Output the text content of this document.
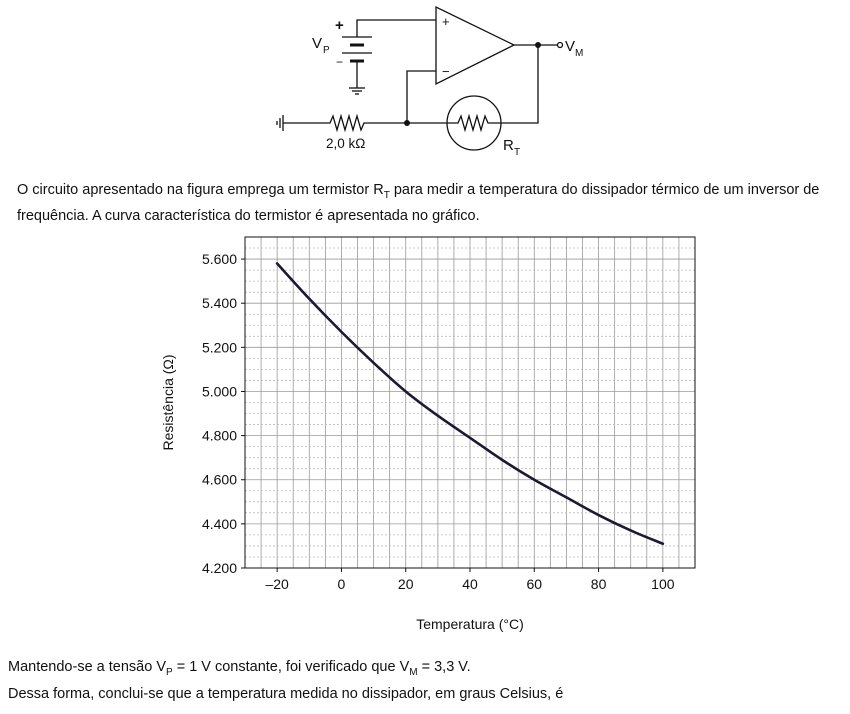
+
−
V P
+
−
V M
2,0 kΩ	R T
O circuito apresentado na figura emprega um termistor $R_T$ para medir a temperatura do dissipador térmico de um inversor de frequência. A curva característica do termistor é apresentada no gráfico.
–20	0	20	40	60	80	100
4.200
4.400
4.600
4.800
5.000
5.200
5.400
5.600
Resistência (Ω)
Temperatura (°C)
Mantendo-se a tensão $V_P = 1$ V constante, foi verificado que $V_M = 3,3$ V.
Dessa forma, conclui-se que a temperatura medida no dissipador, em graus Celsius, é
